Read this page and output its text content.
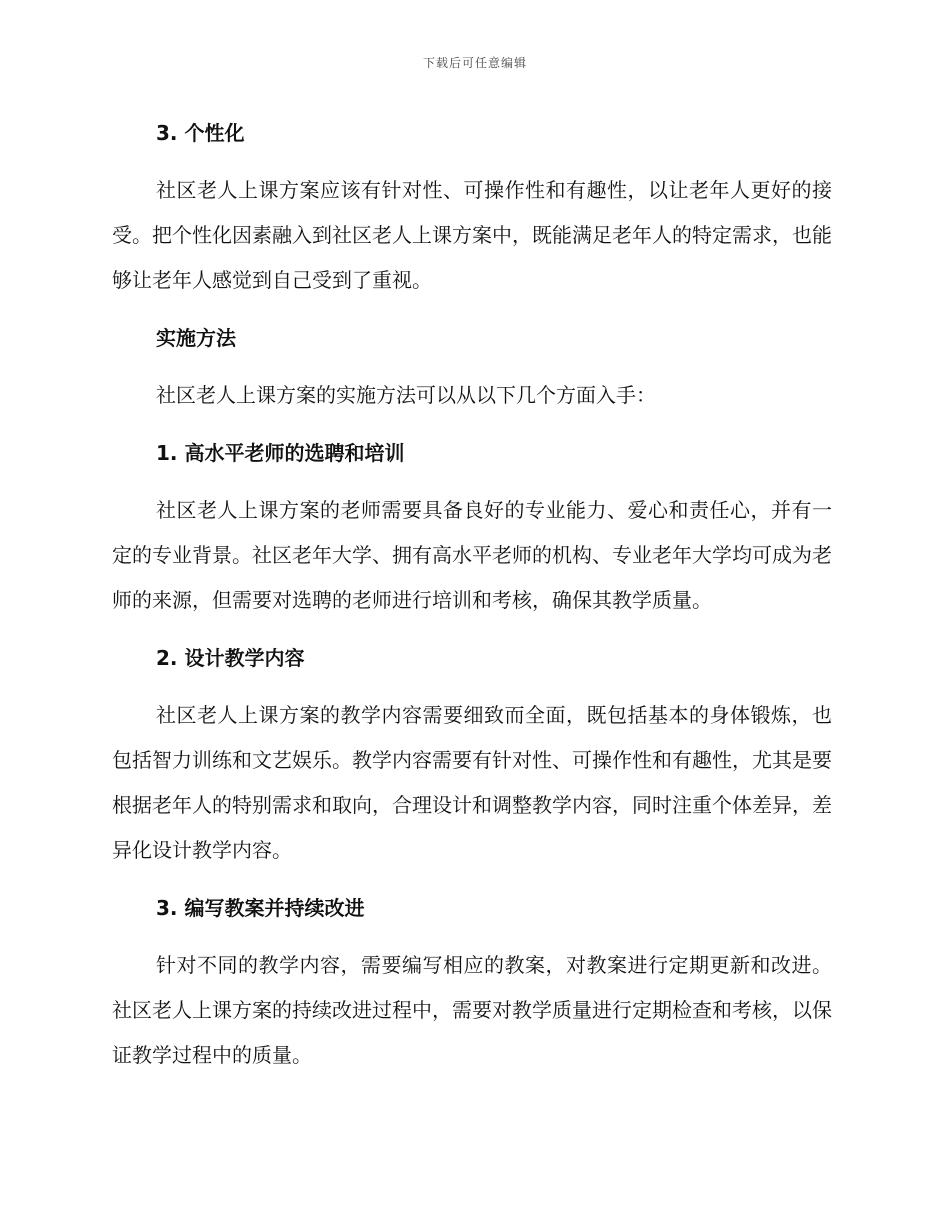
下载后可任意编辑
3. 个性化

社区老人上课方案应该有针对性、可操作性和有趣性，以让老年人更好的接受。把个性化因素融入到社区老人上课方案中，既能满足老年人的特定需求，也能够让老年人感觉到自己受到了重视。

实施方法

社区老人上课方案的实施方法可以从以下几个方面入手：

1. 高水平老师的选聘和培训

社区老人上课方案的老师需要具备良好的专业能力、爱心和责任心，并有一定的专业背景。社区老年大学、拥有高水平老师的机构、专业老年大学均可成为老师的来源，但需要对选聘的老师进行培训和考核，确保其教学质量。

2. 设计教学内容

社区老人上课方案的教学内容需要细致而全面，既包括基本的身体锻炼，也包括智力训练和文艺娱乐。教学内容需要有针对性、可操作性和有趣性，尤其是要根据老年人的特别需求和取向，合理设计和调整教学内容，同时注重个体差异，差异化设计教学内容。

3. 编写教案并持续改进

针对不同的教学内容，需要编写相应的教案，对教案进行定期更新和改进。社区老人上课方案的持续改进过程中，需要对教学质量进行定期检查和考核，以保证教学过程中的质量。
